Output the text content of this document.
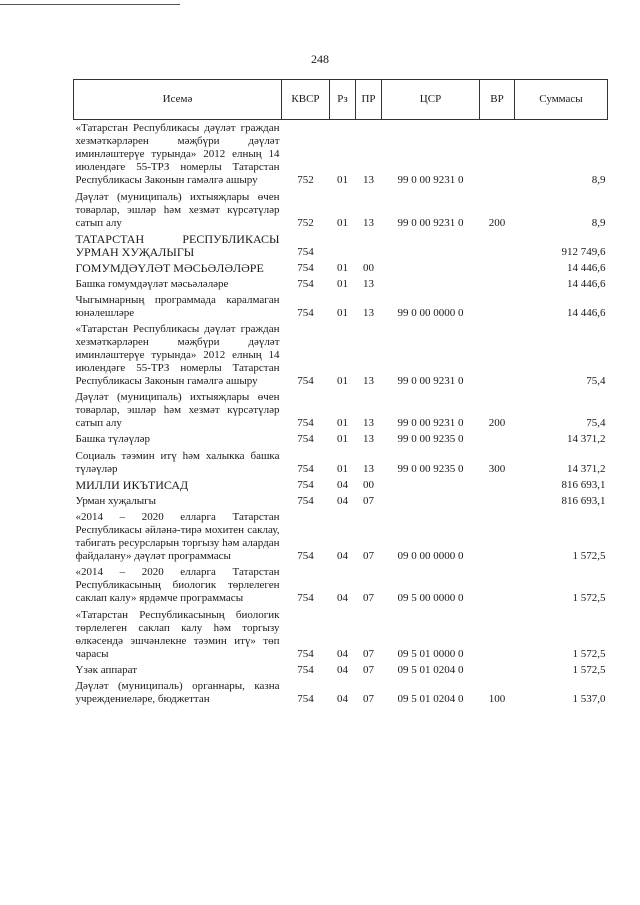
248
Исемә	КВСР	Рз	ПР	ЦСР	ВР	Суммасы
«Татарстан Республикасы дәүләт граждан хезмәткәрләрен мәҗбүри дәүләт иминләштерүе турында» 2012 елның 14 июлендәге 55-ТРЗ номерлы Татарстан Республикасы Законын гамәлгә ашыру	752	01	13	99 0 00 9231 0		8,9
Дәүләт (муниципаль) ихтыяҗлары өчен товарлар, эшләр һәм хезмәт күрсәтүләр сатып алу	752	01	13	99 0 00 9231 0	200	8,9
ТАТАРСТАН РЕСПУБЛИКАСЫ УРМАН ХУҖАЛЫГЫ	754					912 749,6
ГОМУМДӘҮЛӘТ МӘСЬӘЛӘЛӘРЕ	754	01	00			14 446,6
Башка гомумдәүләт мәсьәләләре	754	01	13			14 446,6
Чыгымнарның программада каралмаган юнәлешләре	754	01	13	99 0 00 0000 0		14 446,6
«Татарстан Республикасы дәүләт граждан хезмәткәрләрен мәҗбүри дәүләт иминләштерүе турында» 2012 елның 14 июлендәге 55-ТРЗ номерлы Татарстан Республикасы Законын гамәлгә ашыру	754	01	13	99 0 00 9231 0		75,4
Дәүләт (муниципаль) ихтыяҗлары өчен товарлар, эшләр һәм хезмәт күрсәтүләр сатып алу	754	01	13	99 0 00 9231 0	200	75,4
Башка түләүләр	754	01	13	99 0 00 9235 0		14 371,2
Социаль тәэмин итү һәм халыкка башка түләүләр	754	01	13	99 0 00 9235 0	300	14 371,2
МИЛЛИ ИКЪТИСАД	754	04	00			816 693,1
Урман хуҗалыгы	754	04	07			816 693,1
«2014 – 2020 елларга Татарстан Республикасы әйләнә-тирә мохитен саклау, табигать ресурсларын торгызу һәм алардан файдалану» дәүләт программасы	754	04	07	09 0 00 0000 0		1 572,5
«2014 – 2020 елларга Татарстан Республикасының биологик төрлелеген саклап калу» ярдәмче программасы	754	04	07	09 5 00 0000 0		1 572,5
«Татарстан Республикасының биологик төрлелеген саклап калу һәм торгызу өлкәсендә эшчәнлекне тәэмин итү» төп чарасы	754	04	07	09 5 01 0000 0		1 572,5
Үзәк аппарат	754	04	07	09 5 01 0204 0		1 572,5
Дәүләт (муниципаль) органнары, казна учреждениеләре, бюджеттан	754	04	07	09 5 01 0204 0	100	1 537,0
